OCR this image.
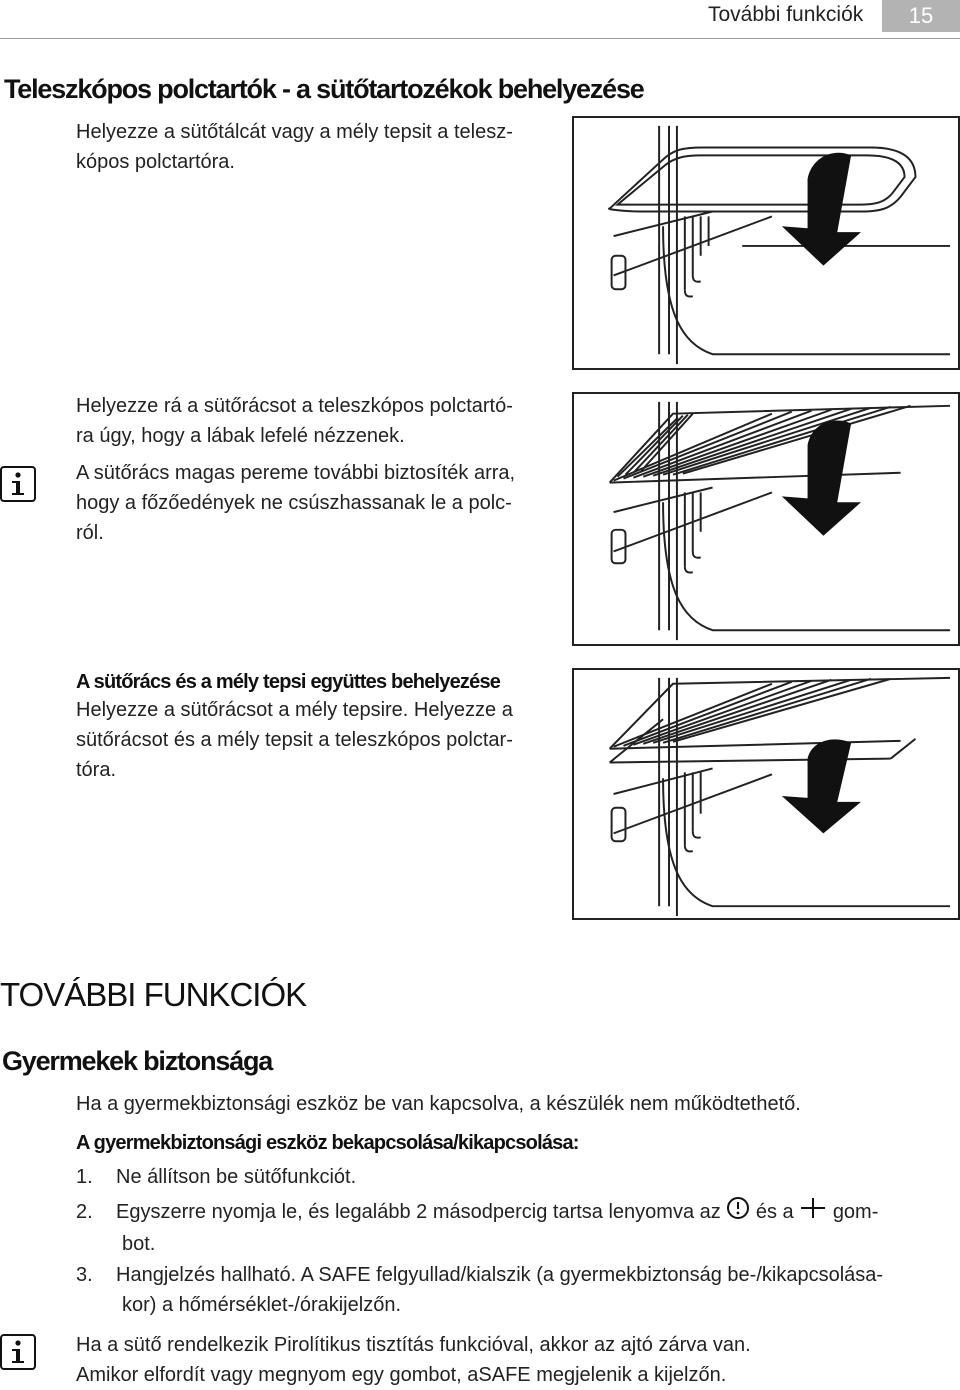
További funkciók	15
Teleszkópos polctartók - a sütőtartozékok behelyezése
Helyezze a sütőtálcát vagy a mély tepsit a telesz-
kópos polctartóra.
Helyezze rá a sütőrácsot a teleszkópos polctartó-
ra úgy, hogy a lábak lefelé nézzenek.
A sütőrács magas pereme további biztosíték arra,
hogy a főzőedények ne csúszhassanak le a polc-
ról.
A sütőrács és a mély tepsi együttes behelyezése
Helyezze a sütőrácsot a mély tepsire. Helyezze a
sütőrácsot és a mély tepsit a teleszkópos polctar-
tóra.
TOVÁBBI FUNKCIÓK
Gyermekek biztonsága
Ha a gyermekbiztonsági eszköz be van kapcsolva, a készülék nem működtethető.
A gyermekbiztonsági eszköz bekapcsolása/kikapcsolása:
1. Ne állítson be sütőfunkciót.
2. Egyszerre nyomja le, és legalább 2 másodpercig tartsa lenyomva az és a gom-
bot.
3. Hangjelzés hallható. A SAFE felgyullad/kialszik (a gyermekbiztonság be-/kikapcsolása-
kor) a hőmérséklet-/órakijelzőn.
Ha a sütő rendelkezik Pirolítikus tisztítás funkcióval, akkor az ajtó zárva van.
Amikor elfordít vagy megnyom egy gombot, aSAFE megjelenik a kijelzőn.
